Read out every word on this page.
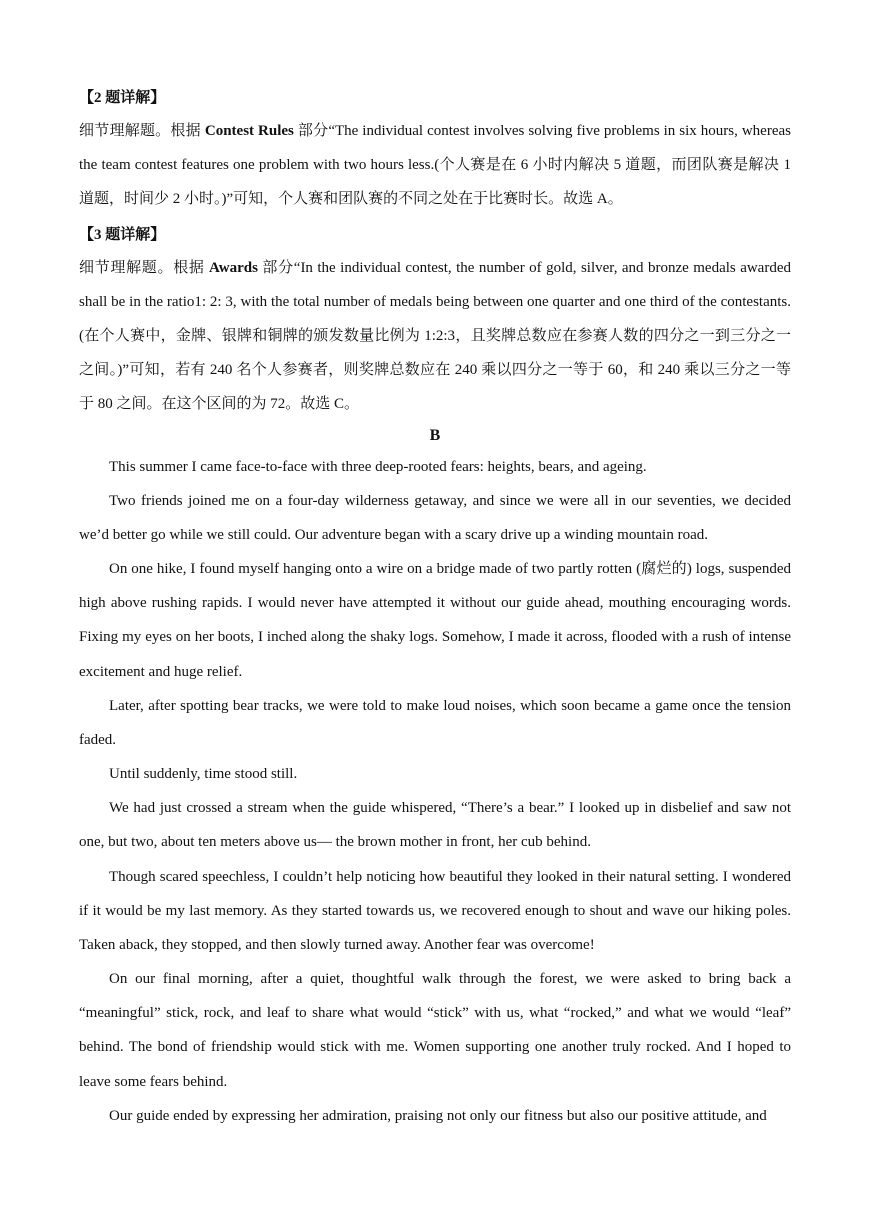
【2 题详解】
细节理解题。根据 Contest Rules 部分“The individual contest involves solving five problems in six hours, whereas the team contest features one problem with two hours less.(个人赛是在 6 小时内解决 5 道题，而团队赛是解决 1 道题，时间少 2 小时。)”可知，个人赛和团队赛的不同之处在于比赛时长。故选 A。
【3 题详解】
细节理解题。根据 Awards 部分“In the individual contest, the number of gold, silver, and bronze medals awarded shall be in the ratio1: 2: 3, with the total number of medals being between one quarter and one third of the contestants.(在个人赛中，金牌、银牌和铜牌的颁发数量比例为 1:2:3，且奖牌总数应在参赛人数的四分之一到三分之一之间。)”可知，若有 240 名个人参赛者，则奖牌总数应在 240 乘以四分之一等于 60，和 240 乘以三分之一等于 80 之间。在这个区间的为 72。故选 C。
B

This summer I came face-to-face with three deep-rooted fears: heights, bears, and ageing.

Two friends joined me on a four-day wilderness getaway, and since we were all in our seventies, we decided we’d better go while we still could. Our adventure began with a scary drive up a winding mountain road.

On one hike, I found myself hanging onto a wire on a bridge made of two partly rotten (腐烂的) logs, suspended high above rushing rapids. I would never have attempted it without our guide ahead, mouthing encouraging words. Fixing my eyes on her boots, I inched along the shaky logs. Somehow, I made it across, flooded with a rush of intense excitement and huge relief.

Later, after spotting bear tracks, we were told to make loud noises, which soon became a game once the tension faded.

Until suddenly, time stood still.

We had just crossed a stream when the guide whispered, “There’s a bear.” I looked up in disbelief and saw not one, but two, about ten meters above us— the brown mother in front, her cub behind.

Though scared speechless, I couldn’t help noticing how beautiful they looked in their natural setting. I wondered if it would be my last memory. As they started towards us, we recovered enough to shout and wave our hiking poles. Taken aback, they stopped, and then slowly turned away. Another fear was overcome!

On our final morning, after a quiet, thoughtful walk through the forest, we were asked to bring back a “meaningful” stick, rock, and leaf to share what would “stick” with us, what “rocked,” and what we would “leaf” behind. The bond of friendship would stick with me. Women supporting one another truly rocked. And I hoped to leave some fears behind.

Our guide ended by expressing her admiration, praising not only our fitness but also our positive attitude, and
